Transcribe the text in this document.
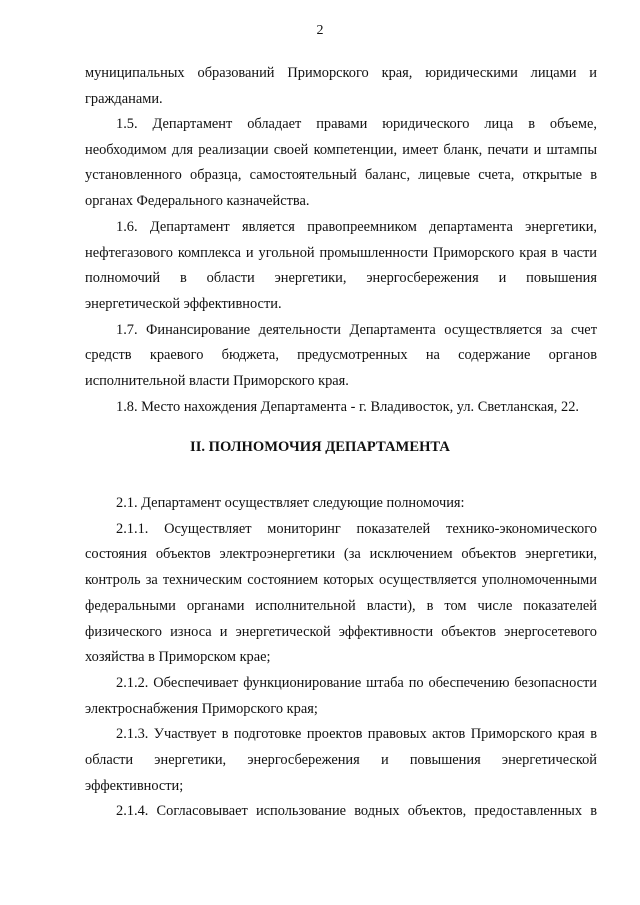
2

муниципальных образований Приморского края, юридическими лицами и гражданами.

1.5. Департамент обладает правами юридического лица в объеме, необходимом для реализации своей компетенции, имеет бланк, печати и штампы установленного образца, самостоятельный баланс, лицевые счета, открытые в органах Федерального казначейства.

1.6. Департамент является правопреемником департамента энергетики, нефтегазового комплекса и угольной промышленности Приморского края в части полномочий в области энергетики, энергосбережения и повышения энергетической эффективности.

1.7. Финансирование деятельности Департамента осуществляется за счет средств краевого бюджета, предусмотренных на содержание органов исполнительной власти Приморского края.

1.8. Место нахождения Департамента - г. Владивосток, ул. Светланская, 22.

II. ПОЛНОМОЧИЯ ДЕПАРТАМЕНТА

2.1. Департамент осуществляет следующие полномочия:

2.1.1. Осуществляет мониторинг показателей технико-экономического состояния объектов электроэнергетики (за исключением объектов энергетики, контроль за техническим состоянием которых осуществляется уполномоченными федеральными органами исполнительной власти), в том числе показателей физического износа и энергетической эффективности объектов энергосетевого хозяйства в Приморском крае;

2.1.2. Обеспечивает функционирование штаба по обеспечению безопасности электроснабжения Приморского края;

2.1.3. Участвует в подготовке проектов правовых актов Приморского края в области энергетики, энергосбережения и повышения энергетической эффективности;

2.1.4. Согласовывает использование водных объектов, предоставленных в
